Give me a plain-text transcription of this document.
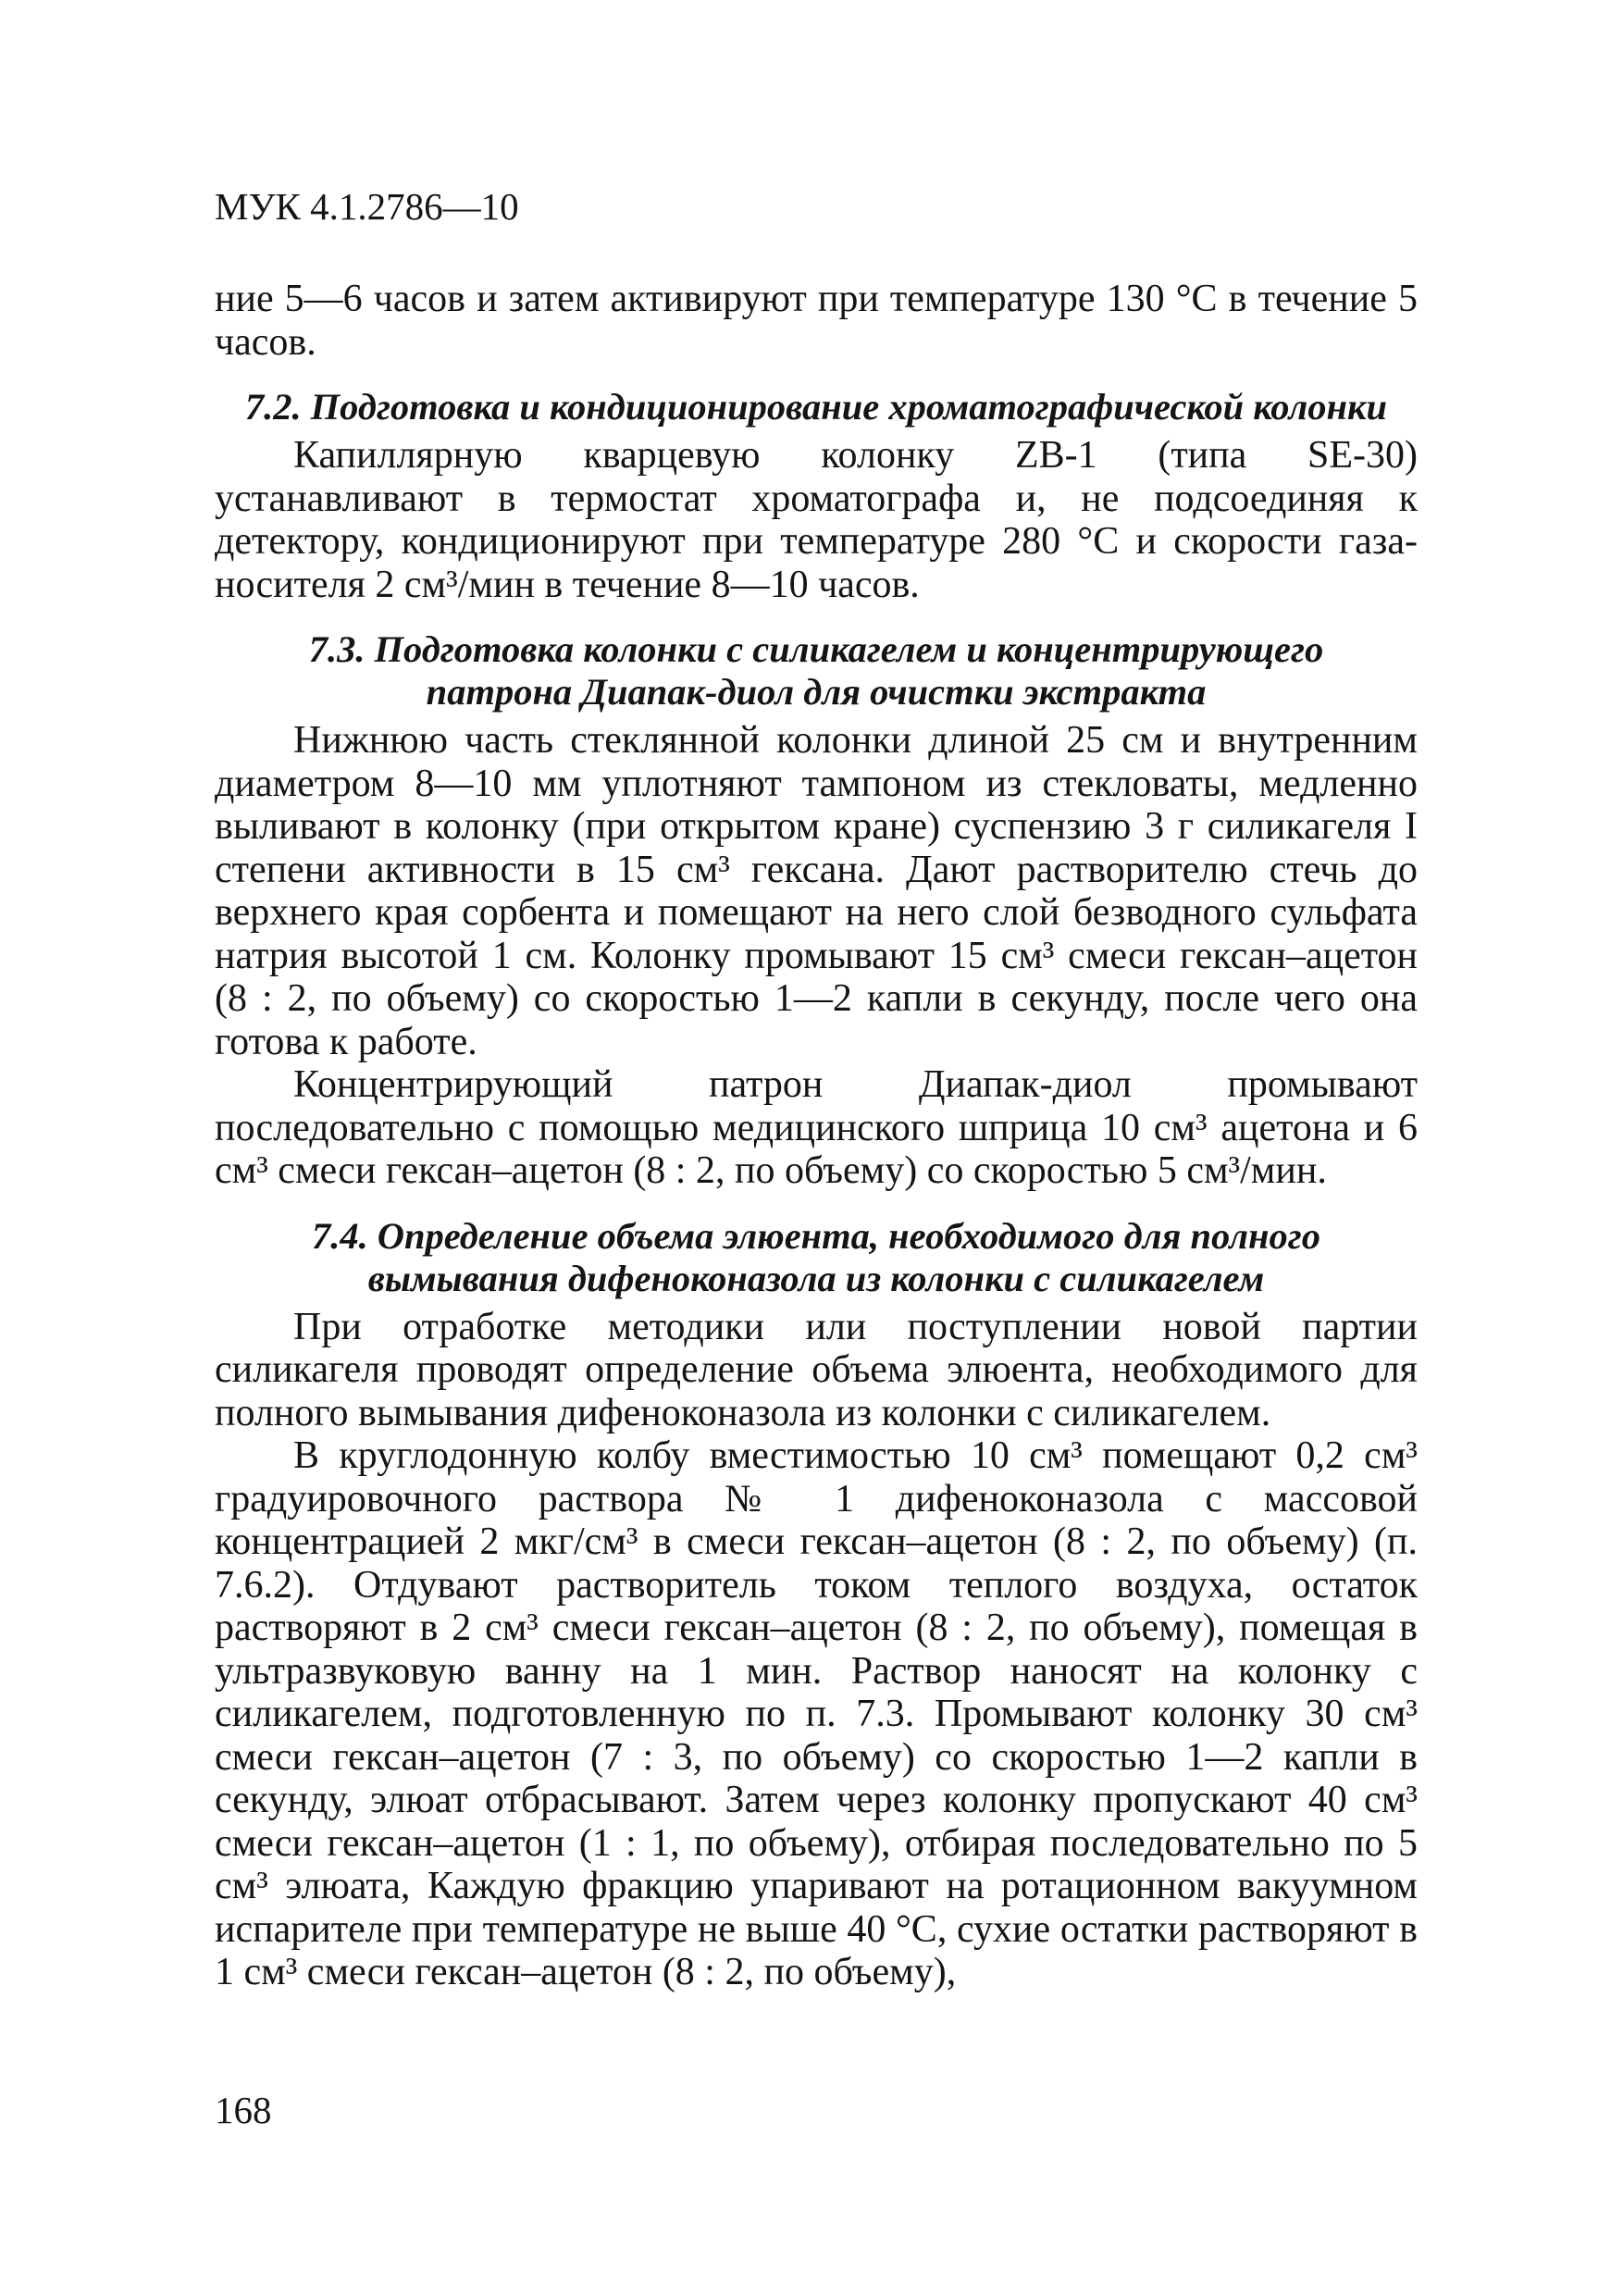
МУК 4.1.2786—10

ние 5—6 часов и затем активируют при температуре 130 °С в течение 5 часов.

7.2. Подготовка и кондиционирование хроматографической колонки

Капиллярную кварцевую колонку ZB-1 (типа SE-30) устанавливают в термостат хроматографа и, не подсоединяя к детектору, кондиционируют при температуре 280 °С и скорости газа-носителя 2 см³/мин в течение 8—10 часов.

7.3. Подготовка колонки с силикагелем и концентрирующего
патрона Диапак-диол для очистки экстракта

Нижнюю часть стеклянной колонки длиной 25 см и внутренним диаметром 8—10 мм уплотняют тампоном из стекловаты, медленно выливают в колонку (при открытом кране) суспензию 3 г силикагеля I степени активности в 15 см³ гексана. Дают растворителю стечь до верхнего края сорбента и помещают на него слой безводного сульфата натрия высотой 1 см. Колонку промывают 15 см³ смеси гексан–ацетон (8 : 2, по объему) со скоростью 1—2 капли в секунду, после чего она готова к работе.

Концентрирующий патрон Диапак-диол промывают последовательно с помощью медицинского шприца 10 см³ ацетона и 6 см³ смеси гексан–ацетон (8 : 2, по объему) со скоростью 5 см³/мин.

7.4. Определение объема элюента, необходимого для полного
вымывания дифеноконазола из колонки с силикагелем

При отработке методики или поступлении новой партии силикагеля проводят определение объема элюента, необходимого для полного вымывания дифеноконазола из колонки с силикагелем.

В круглодонную колбу вместимостью 10 см³ помещают 0,2 см³ градуировочного раствора № 1 дифеноконазола с массовой концентрацией 2 мкг/см³ в смеси гексан–ацетон (8 : 2, по объему) (п. 7.6.2). Отдувают растворитель током теплого воздуха, остаток растворяют в 2 см³ смеси гексан–ацетон (8 : 2, по объему), помещая в ультразвуковую ванну на 1 мин. Раствор наносят на колонку с силикагелем, подготовленную по п. 7.3. Промывают колонку 30 см³ смеси гексан–ацетон (7 : 3, по объему) со скоростью 1—2 капли в секунду, элюат отбрасывают. Затем через колонку пропускают 40 см³ смеси гексан–ацетон (1 : 1, по объему), отбирая последовательно по 5 см³ элюата, Каждую фракцию упаривают на ротационном вакуумном испарителе при температуре не выше 40 °С, сухие остатки растворяют в 1 см³ смеси гексан–ацетон (8 : 2, по объему),

168
